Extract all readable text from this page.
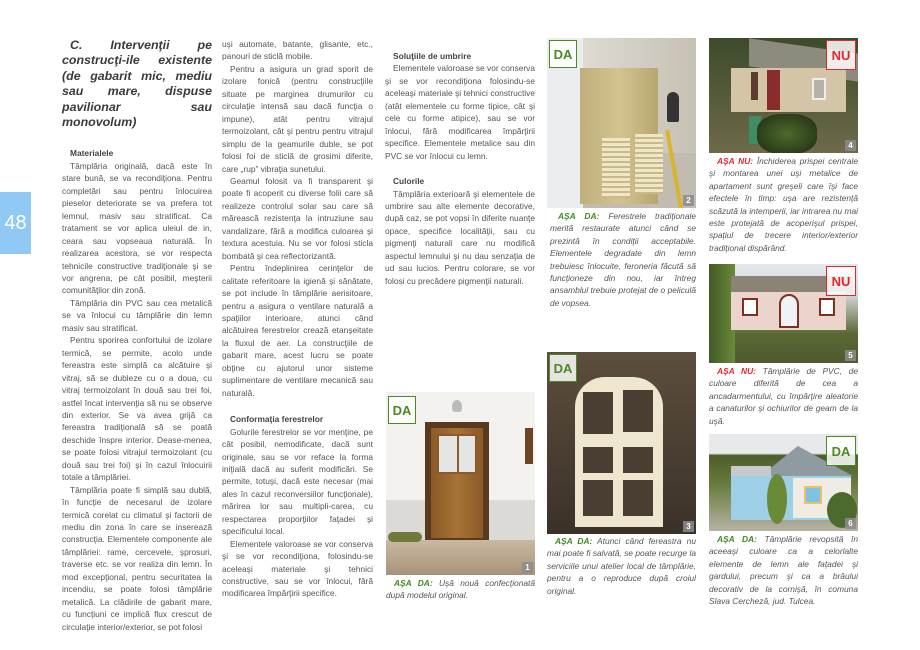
48
C. Intervenţii pe construcţi-ile existente (de gabarit mic, mediu sau mare, dispuse pavilionar sau monovolum)

Materialele

Tâmplăria originală, dacă este în stare bună, se va recondiţiona. Pentru completări sau pentru înlocuirea pieselor deteriorate se va prefera tot lemnul, masiv sau stratificat. Ca tratament se vor aplica uleiul de in, ceara sau vopseaua naturală. În realizarea acestora, se vor respecta tehnicile constructive tradiţionale şi se vor angrena, pe cât posibil, meşterii comunităţilor din zonă.

Tâmplăria din PVC sau cea metalică se va înlocui cu tâmplărie din lemn masiv sau stratificat.

Pentru sporirea confortului de izolare termică, se permite, acolo unde fereastra este simplă ca alcătuire şi vitraj, să se dubleze cu o a doua, cu vitraj termoizolant în două sau trei foi, astfel încat intervenţia să nu se observe din exterior. Se va avea grijă ca fereastra tradiţională să se poată deschide înspre interior. Dease-menea, se poate folosi vitrajul termoizolant (cu două sau trei foi) şi în cazul înlocuirii totale a tâmplăriei.

Tâmplăria poate fi simplă sau dublă, în funcţie de necesarul de izolare termică corelat cu climatul şi factorii de mediu din zona în care se inserează construcţia. Elementele componente ale tâmplăriei: rame, cercevele, şprosuri, traverse etc. se vor realiza din lemn. În mod excepţional, pentru securitatea la incendiu, se poate folosi tâmplărie metalică. La clădirile de gabarit mare, cu funcţiuni ce implică flux crescut de circulaţie interior/exterior, se pot folosi

uşi automate, batante, glisante, etc., panouri de sticlă mobile.

Pentru a asigura un grad sporit de izolare fonică (pentru construcţiile situate pe marginea drumurilor cu circulaţie intensă sau dacă funcţia o impune), atât pentru vitrajul termoizolant, cât şi pentru pentru vitrajul simplu de la geamurile duble, se pot folosi foi de sticlă de grosimi diferite, care „rup” vibraţia sunetului.

Geamul folosit va fi transparent şi poate fi acoperit cu diverse folii care să realizeze controlul solar sau care să mărească rezistenţa la intruziune sau vandalizare, fără a modifica culoarea şi textura acestuia. Nu se vor folosi sticla bombată şi cea reflectorizantă.

Pentru îndeplinirea cerinţelor de calitate referitoare la igienă şi sănătate, se pot include în tâmplărie aerisitoare, pentru a asigura o ventilare naturală a spaţiilor interioare, atunci când alcătuirea ferestrelor crează etanşeitate la fluxul de aer. La construcţiile de gabarit mare, acest lucru se poate obţine cu ajutorul unor sisteme suplimentare de ventilare mecanică sau naturală.

Conformaţia ferestrelor

Golurile ferestrelor se vor menţine, pe cât posibil, nemodificate, dacă sunt originale, sau se vor reface la forma iniţială dacă au suferit modificări. Se permite, totuşi, dacă este necesar (mai ales în cazul reconversiilor funcţionale), mărirea lor sau multipli-carea, cu respectarea proporţiilor faţadei şi specificului local.

Elementele valoroase se vor conserva şi se vor recondiţiona, folosindu-se aceleaşi materiale şi tehnici constructive, sau se vor înlocui, fără modificarea împărţirii specifice.

Soluţiile de umbrire

Elementele valoroase se vor conserva şi se vor recondiţiona folosindu-se aceleaşi materiale şi tehnici constructive (atât elementele cu forme tipice, cât şi cele cu forme atipice), sau se vor înlocui, fără modificarea împărţirii specifice. Elementele metalice sau din PVC se vor înlocui cu lemn.

Culorile

Tâmplăria exterioară şi elementele de umbrire sau alte elemente decorative, după caz, se pot vopsi în diferite nuanţe opace, specifice localităţii, sau cu pigmenţi naturali care nu modifică aspectul lemnului şi nu dau senzaţia de ud sau lucios. Pentru colorare, se vor folosi cu precădere pigmenţii naturali.

DA
1
AŞA DA: Uşă nouă confecţionată după modelul original.
DA
2
AŞA DA: Ferestrele tradiţionale merită restaurate atunci când se prezintă în condiţii acceptabile. Elementele degradate din lemn trebuiesc înlocuite, feroneria făcută să funcţioneze din nou, iar întreg ansamblul trebuie protejat de o peliculă de vopsea.
DA
3
AŞA DA: Atunci când fereastra nu mai poate fi salvată, se poate recurge la serviciile unui atelier local de tâmplărie, pentru a o reproduce după croiul original.
NU
4
AŞA NU: Închiderea prispei centrale şi montarea unei uşi metalice de apartament sunt greşeli care îşi face efectele în timp: uşa are rezistenţă scăzută la intemperii, iar intrarea nu mai este protejată de acoperişul prispei, spaţiul de trecere interior/exterior tradiţional dispărând.
NU
5
AŞA NU: Tâmplărie de PVC, de culoare diferită de cea a ancadarmentului, cu împărţire aleatorie a canaturilor şi ochiurilor de geam de la uşă.
DA
6
AŞA DA: Tâmplărie revopsită în aceeaşi culoare ca a celorlalte elemente de lemn ale faţadei şi gardului, precum şi ca a brâului decorativ de la cornişă, în comuna Slava Cercheză, jud. Tulcea.
